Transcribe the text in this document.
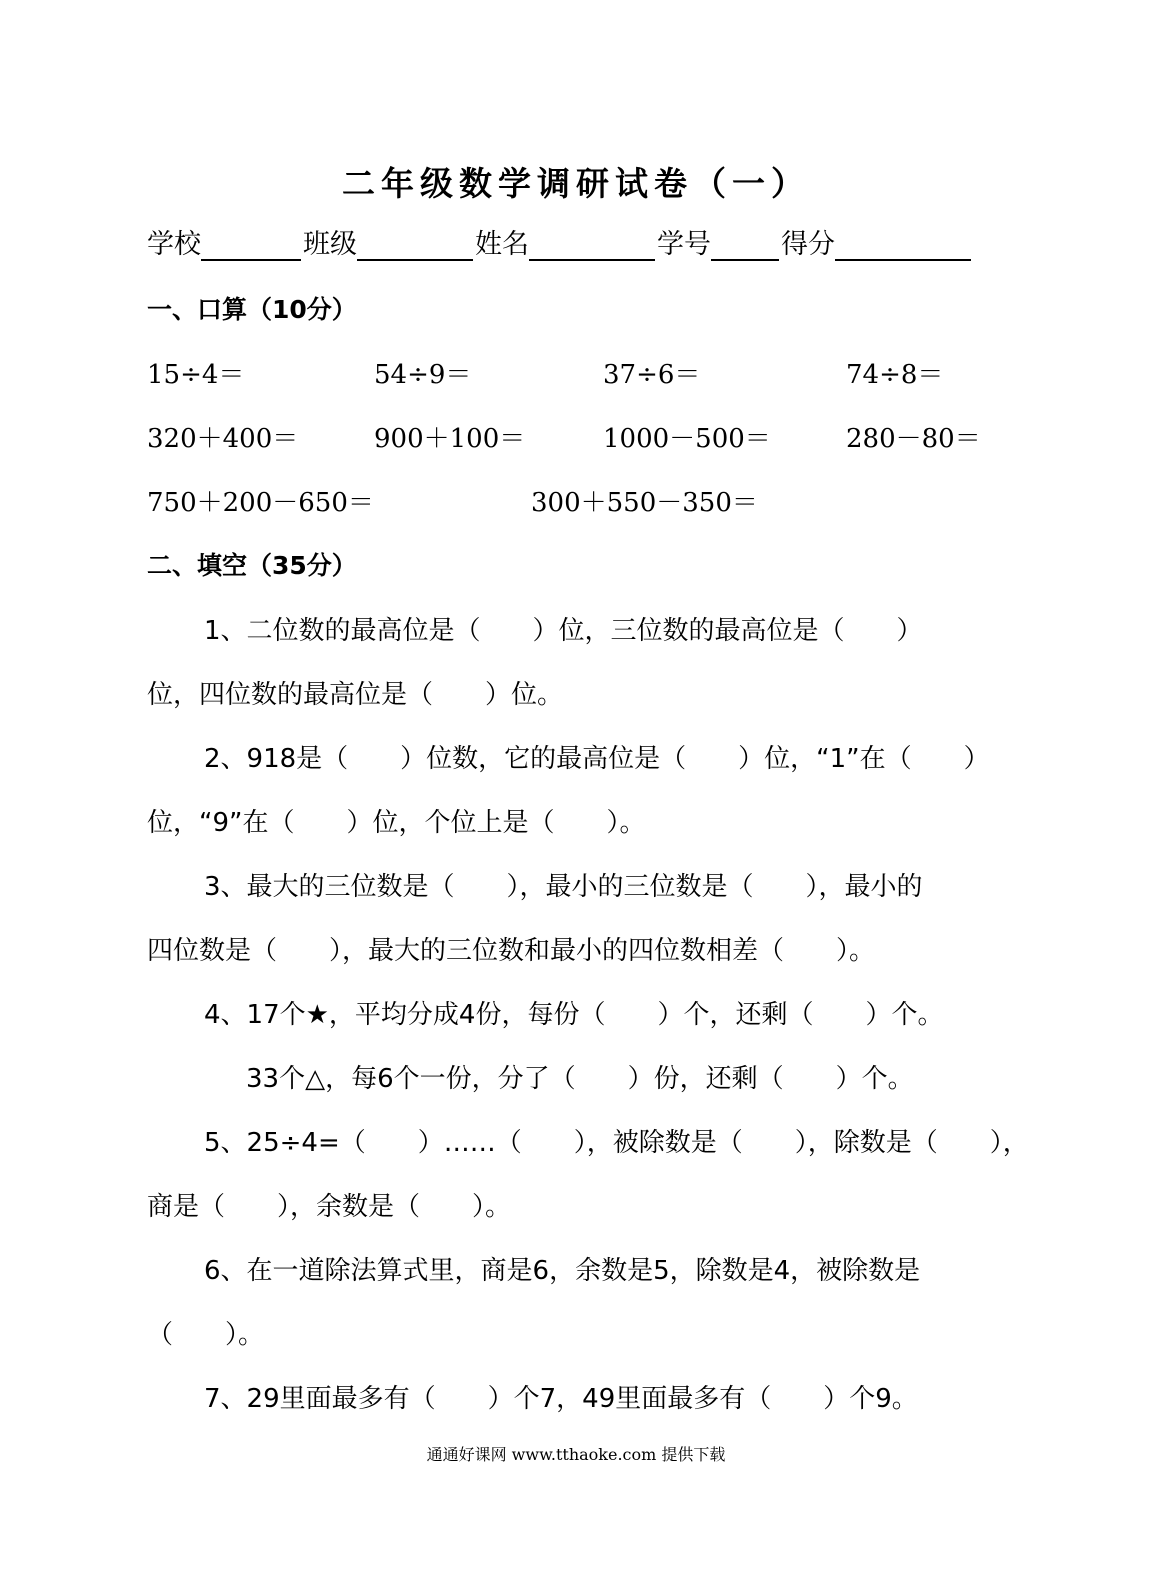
二年级数学调研试卷（一）
学校	班级	姓名	学号	得分
一、口算（10分）
15÷4＝	54÷9＝	37÷6＝	74÷8＝
320＋400＝	900＋100＝	1000－500＝	280－80＝
750＋200－650＝	300＋550－350＝
二、填空（35分）
1、二位数的最高位是（　　）位，三位数的最高位是（　　）
位，四位数的最高位是（　　）位。
2、918是（　　）位数，它的最高位是（　　）位，“1”在（　　）
位，“9”在（　　）位，个位上是（　　）。
3、最大的三位数是（　　），最小的三位数是（　　），最小的
四位数是（　　），最大的三位数和最小的四位数相差（　　）。
4、17个★，平均分成4份，每份（　　）个，还剩（　　）个。
33个△，每6个一份，分了（　　）份，还剩（　　）个。
5、25÷4=（　　）……（　　），被除数是（　　），除数是（　　），
商是（　　），余数是（　　）。
6、在一道除法算式里，商是6，余数是5，除数是4，被除数是
（　　）。
7、29里面最多有（　　）个7，49里面最多有（　　）个9。
通通好课网 www.tthaoke.com 提供下载
